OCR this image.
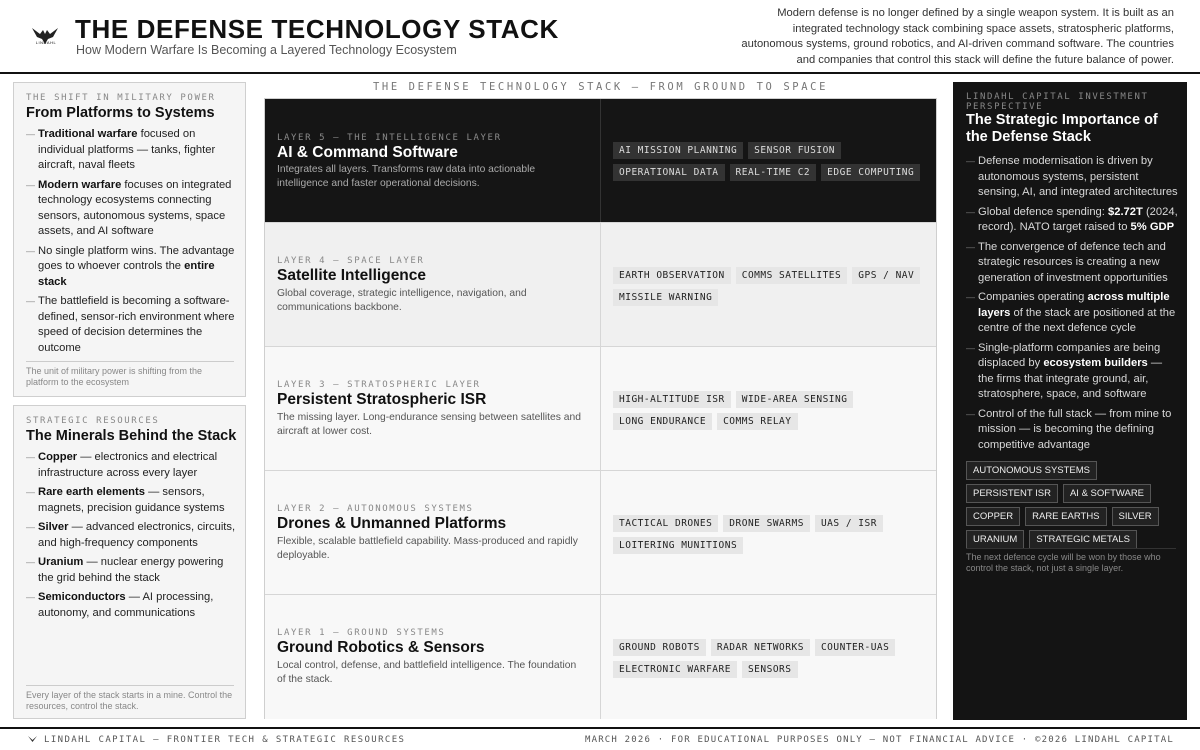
LINDAHL THE DEFENSE TECHNOLOGY STACK
How Modern Warfare Is Becoming a Layered Technology Ecosystem
Modern defense is no longer defined by a single weapon system. It is built as an integrated technology stack combining space assets, stratospheric platforms, autonomous systems, ground robotics, and AI-driven command software. The countries and companies that control this stack will define the future balance of power.
THE SHIFT IN MILITARY POWER
From Platforms to Systems
— Traditional warfare focused on individual platforms — tanks, fighter aircraft, naval fleets
— Modern warfare focuses on integrated technology ecosystems connecting sensors, autonomous systems, space assets, and AI software
— No single platform wins. The advantage goes to whoever controls the entire stack
— The battlefield is becoming a software-defined, sensor-rich environment where speed of decision determines the outcome
The unit of military power is shifting from the platform to the ecosystem
STRATEGIC RESOURCES
The Minerals Behind the Stack
— Copper — electronics and electrical infrastructure across every layer
— Rare earth elements — sensors, magnets, precision guidance systems
— Silver — advanced electronics, circuits, and high-frequency components
— Uranium — nuclear energy powering the grid behind the stack
— Semiconductors — AI processing, autonomy, and communications
Every layer of the stack starts in a mine. Control the resources, control the stack.
THE DEFENSE TECHNOLOGY STACK — FROM GROUND TO SPACE
LAYER 5 — THE INTELLIGENCE LAYER
AI & Command Software
Integrates all layers. Transforms raw data into actionable intelligence and faster operational decisions.
AI MISSION PLANNING	SENSOR FUSION
OPERATIONAL DATA	REAL-TIME C2	EDGE COMPUTING
LAYER 4 — SPACE LAYER
Satellite Intelligence
Global coverage, strategic intelligence, navigation, and communications backbone.
EARTH OBSERVATION	COMMS SATELLITES	GPS / NAV
MISSILE WARNING
LAYER 3 — STRATOSPHERIC LAYER
Persistent Stratospheric ISR
The missing layer. Long-endurance sensing between satellites and aircraft at lower cost.
HIGH-ALTITUDE ISR	WIDE-AREA SENSING
LONG ENDURANCE	COMMS RELAY
LAYER 2 — AUTONOMOUS SYSTEMS
Drones & Unmanned Platforms
Flexible, scalable battlefield capability. Mass-produced and rapidly deployable.
TACTICAL DRONES	DRONE SWARMS	UAS / ISR
LOITERING MUNITIONS
LAYER 1 — GROUND SYSTEMS
Ground Robotics & Sensors
Local control, defense, and battlefield intelligence. The foundation of the stack.
GROUND ROBOTS	RADAR NETWORKS	COUNTER-UAS
ELECTRONIC WARFARE	SENSORS
LINDAHL CAPITAL INVESTMENT PERSPECTIVE
The Strategic Importance of the Defense Stack
— Defense modernisation is driven by autonomous systems, persistent sensing, AI, and integrated architectures
— Global defence spending: $2.72T (2024, record). NATO target raised to 5% GDP
— The convergence of defence tech and strategic resources is creating a new generation of investment opportunities
— Companies operating across multiple layers of the stack are positioned at the centre of the next defence cycle
— Single-platform companies are being displaced by ecosystem builders — the firms that integrate ground, air, stratosphere, space, and software
— Control of the full stack — from mine to mission — is becoming the defining competitive advantage
AUTONOMOUS SYSTEMS
PERSISTENT ISR	AI & SOFTWARE
COPPER	RARE EARTHS	SILVER
URANIUM	STRATEGIC METALS
The next defence cycle will be won by those who control the stack, not just a single layer.
LINDAHL CAPITAL — FRONTIER TECH & STRATEGIC RESOURCES	MARCH 2026 · FOR EDUCATIONAL PURPOSES ONLY — NOT FINANCIAL ADVICE · ©2026 LINDAHL CAPITAL
